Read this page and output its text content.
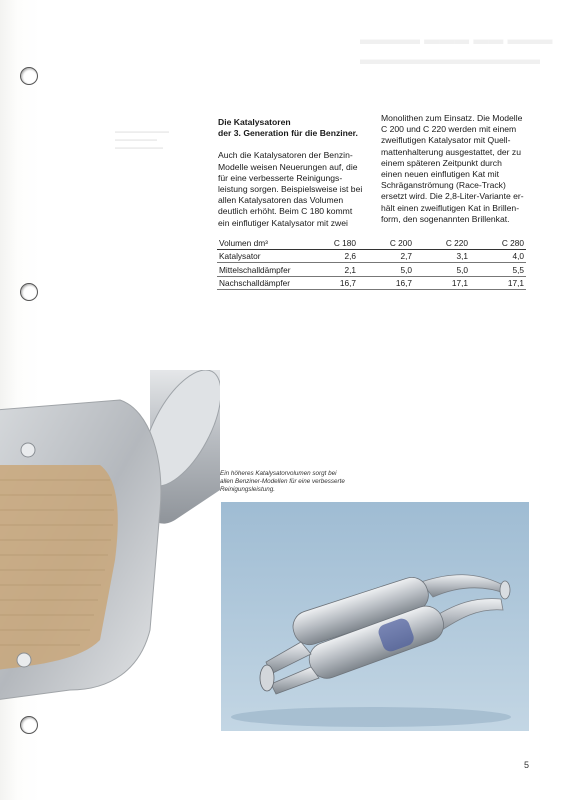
▬▬▬▬ ▬▬▬ ▬▬ ▬▬▬
▬▬▬▬▬▬▬▬▬▬▬▬
▬▬▬▬▬▬▬▬▬
▬▬▬▬▬▬▬
▬▬▬▬▬▬▬▬
Die Katalysatoren
der 3. Generation für die Benziner.

Auch die Katalysatoren der Benzin-
Modelle weisen Neuerungen auf, die
für eine verbesserte Reinigungs-
leistung sorgen. Beispielsweise ist bei
allen Katalysatoren das Volumen
deutlich erhöht. Beim C 180 kommt
ein einflutiger Katalysator mit zwei

Monolithen zum Einsatz. Die Modelle
C 200 und C 220 werden mit einem
zweiflutigen Katalysator mit Quell-
mattenhalterung ausgestattet, der zu
einem späteren Zeitpunkt durch
einen neuen einflutigen Kat mit
Schräganströmung (Race-Track)
ersetzt wird. Die 2,8-Liter-Variante er-
hält einen zweiflutigen Kat in Brillen-
form, den sogenannten Brillenkat.

Volumen dm³	C 180	C 200	C 220	C 280
Katalysator	2,6	2,7	3,1	4,0
Mittelschalldämpfer	2,1	5,0	5,0	5,5
Nachschalldämpfer	16,7	16,7	17,1	17,1
Ein höheres Katalysatorvolumen sorgt bei
allen Benziner-Modellen für eine verbesserte
Reinigungsleistung.
5
